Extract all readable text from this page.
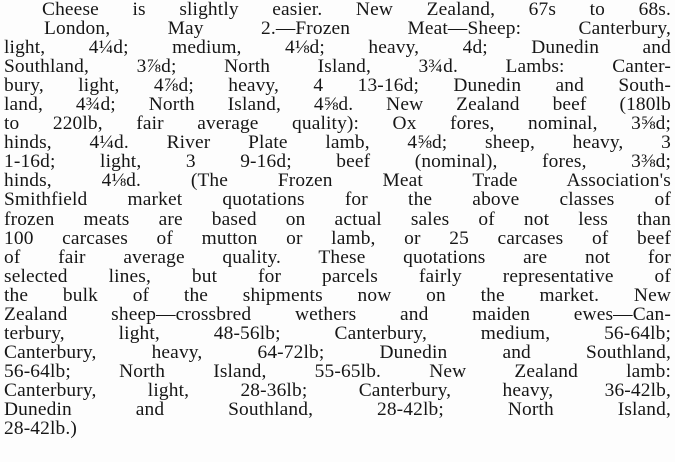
Cheese is slightly easier. New Zealand, 67s to 68s.
London, May 2.—Frozen Meat—Sheep: Canterbury,
light, 4¼d; medium, 4⅛d; heavy, 4d; Dunedin and
Southland, 3⅞d; North Island, 3¾d. Lambs: Canter-
bury, light, 4⅞d; heavy, 4 13-16d; Dunedin and South-
land, 4¾d; North Island, 4⅝d. New Zealand beef (180lb
to 220lb, fair average quality): Ox fores, nominal, 3⅝d;
hinds, 4¼d. River Plate lamb, 4⅝d; sheep, heavy, 3
1-16d; light, 3 9-16d; beef (nominal), fores, 3⅜d;
hinds, 4⅛d. (The Frozen Meat Trade Association's
Smithfield market quotations for the above classes of
frozen meats are based on actual sales of not less than
100 carcases of mutton or lamb, or 25 carcases of beef
of fair average quality. These quotations are not for
selected lines, but for parcels fairly representative of
the bulk of the shipments now on the market. New
Zealand sheep—crossbred wethers and maiden ewes—Can-
terbury, light, 48-56lb; Canterbury, medium, 56-64lb;
Canterbury, heavy, 64-72lb; Dunedin and Southland,
56-64lb; North Island, 55-65lb. New Zealand lamb:
Canterbury, light, 28-36lb; Canterbury, heavy, 36-42lb,
Dunedin and Southland, 28-42lb; North Island,
28-42lb.)
